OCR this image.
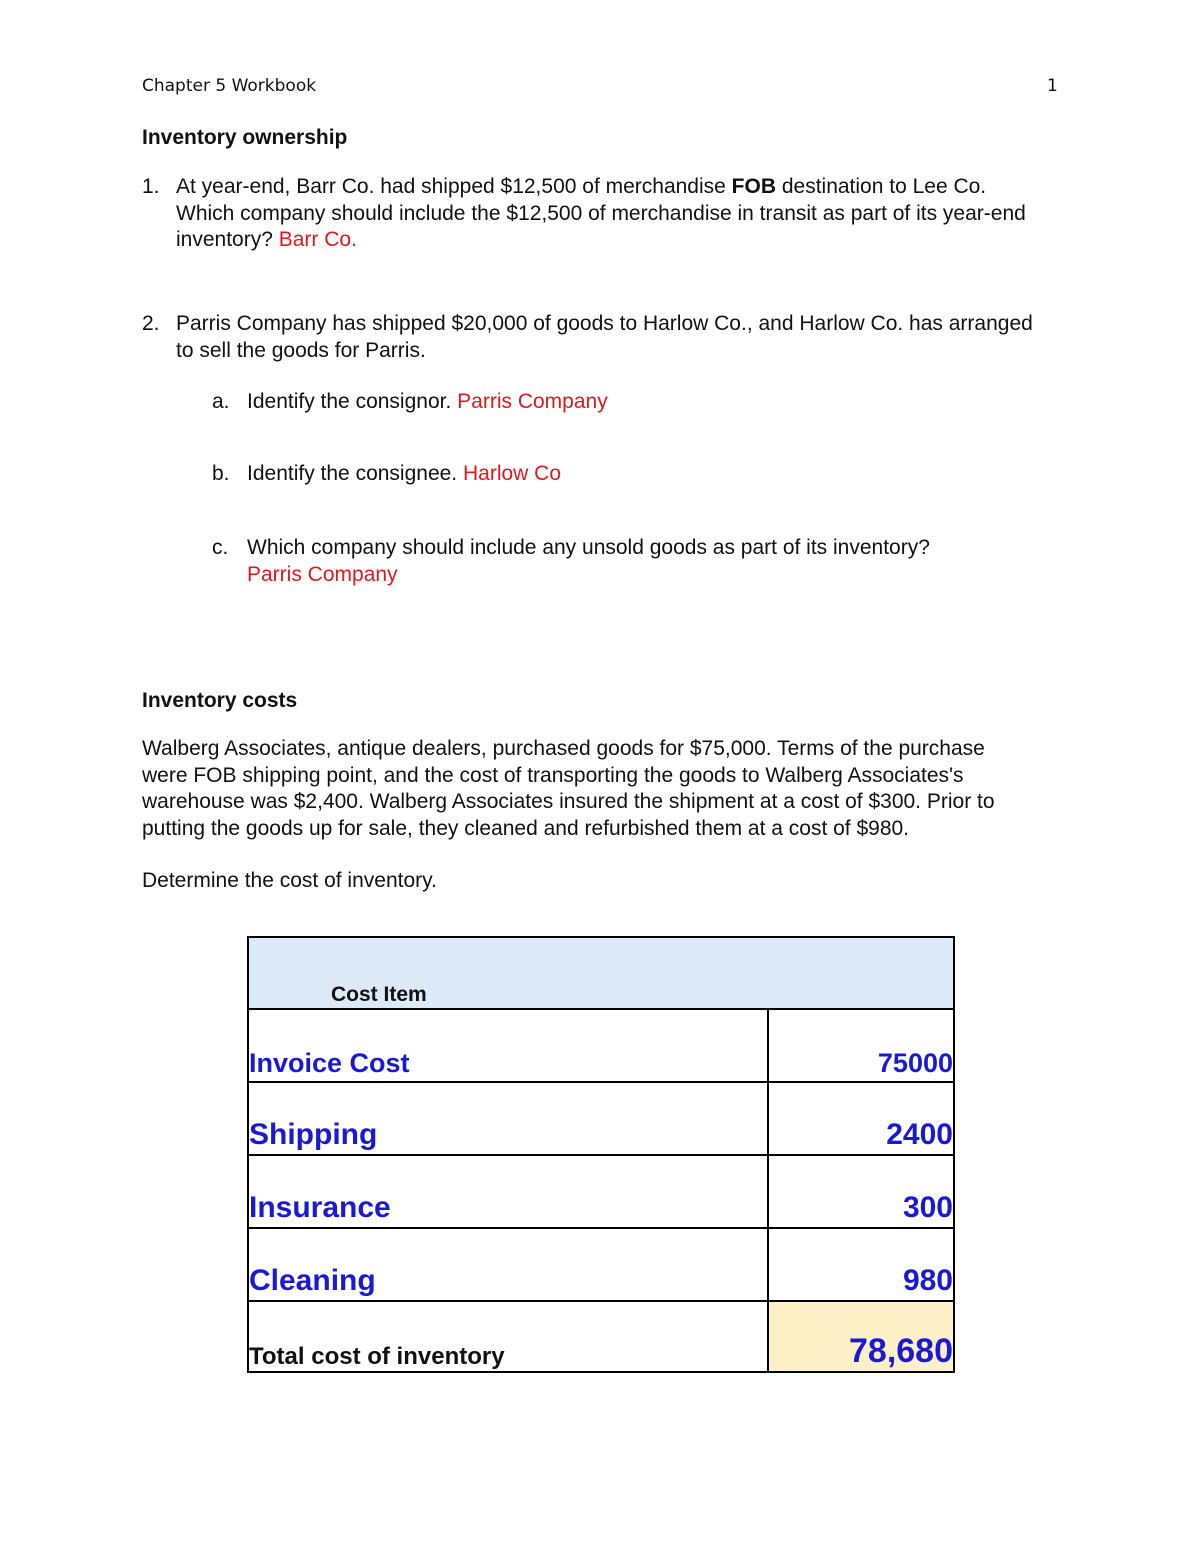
Chapter 5 Workbook	1
Inventory ownership
1. At year-end, Barr Co. had shipped $12,500 of merchandise FOB destination to Lee Co.
Which company should include the $12,500 of merchandise in transit as part of its year-end
inventory? Barr Co.
2. Parris Company has shipped $20,000 of goods to Harlow Co., and Harlow Co. has arranged
to sell the goods for Parris.
a. Identify the consignor. Parris Company
b. Identify the consignee. Harlow Co
c. Which company should include any unsold goods as part of its inventory?
Parris Company
Inventory costs
Walberg Associates, antique dealers, purchased goods for $75,000. Terms of the purchase
were FOB shipping point, and the cost of transporting the goods to Walberg Associates's
warehouse was $2,400. Walberg Associates insured the shipment at a cost of $300. Prior to
putting the goods up for sale, they cleaned and refurbished them at a cost of $980.
Determine the cost of inventory.
Cost Item	

Invoice Cost	75000
Shipping	2400
Insurance	300
Cleaning	980
Total cost of inventory	78,680
